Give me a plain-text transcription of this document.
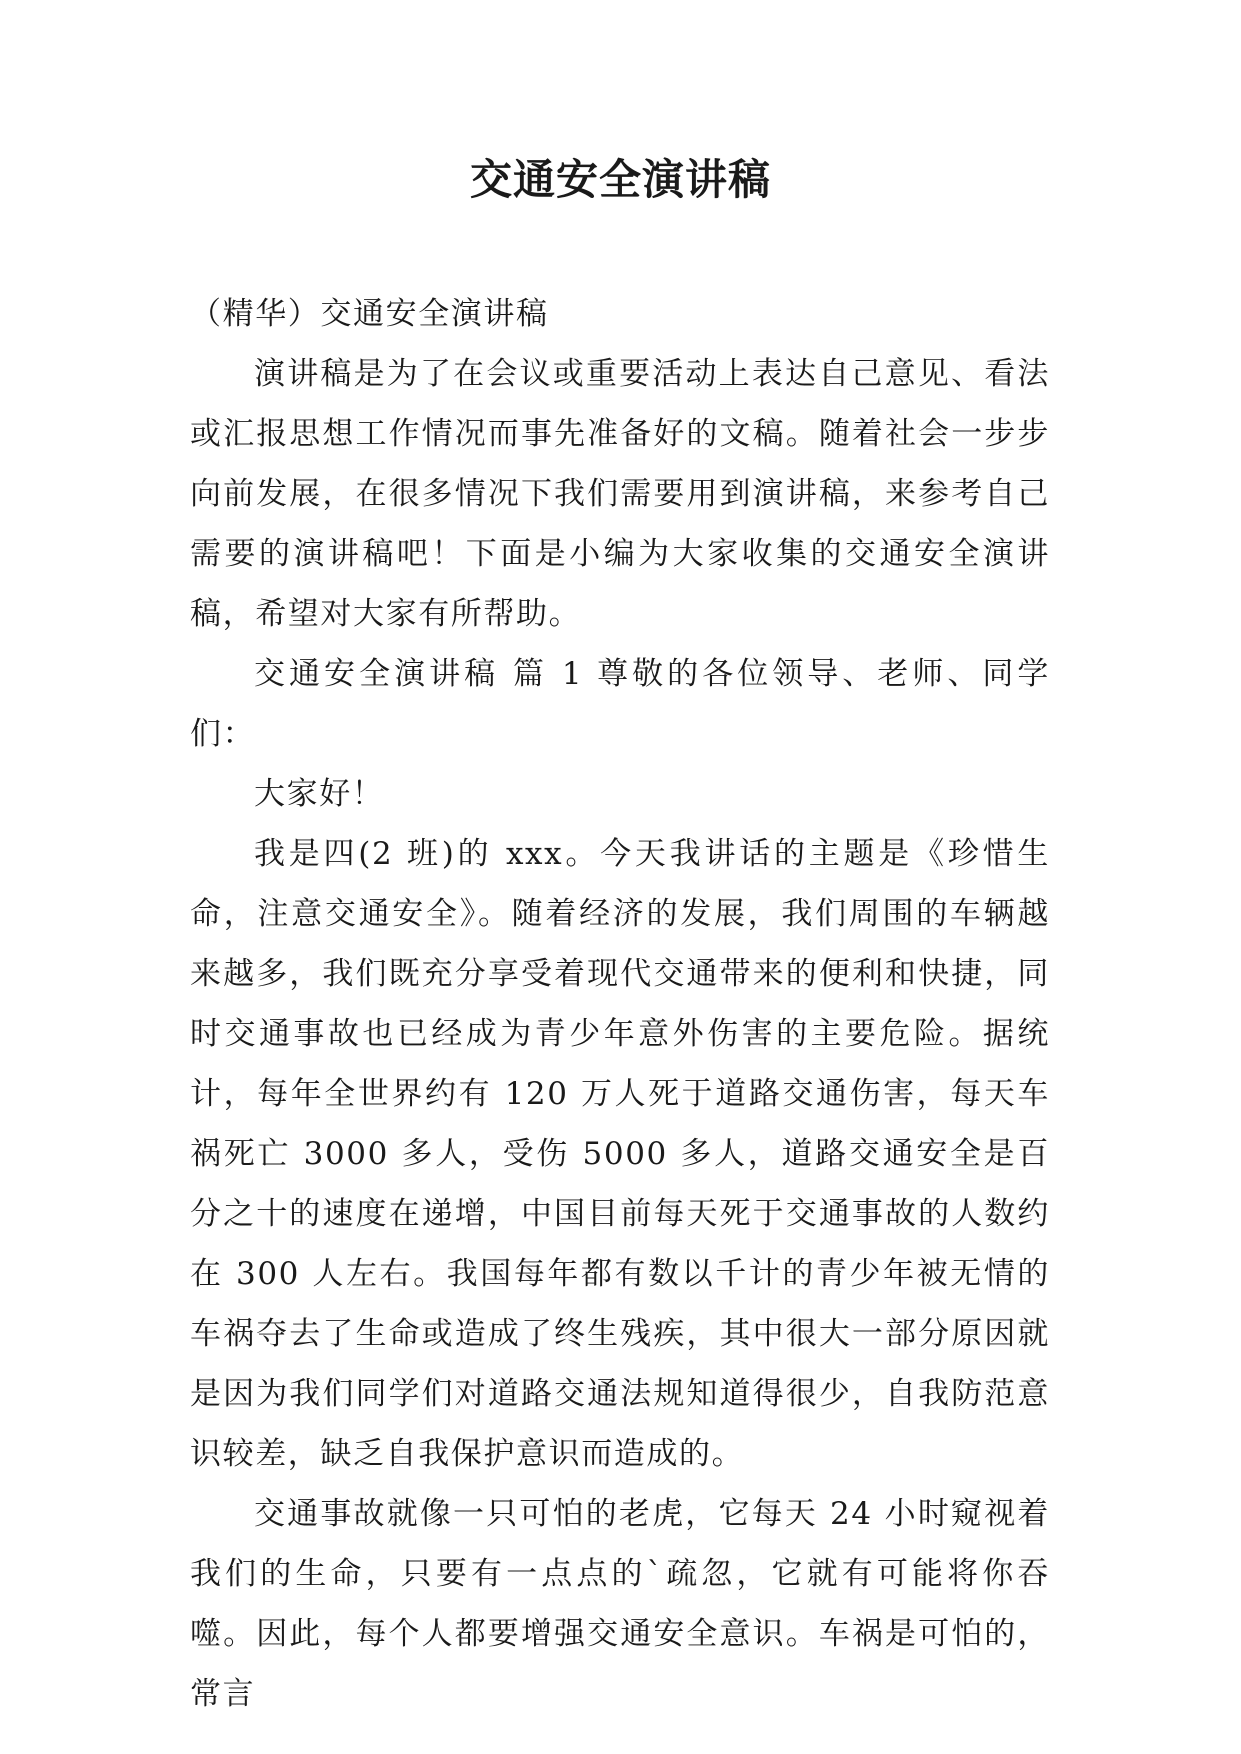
交通安全演讲稿

（精华）交通安全演讲稿

演讲稿是为了在会议或重要活动上表达自己意见、看法或汇报思想工作情况而事先准备好的文稿。随着社会一步步向前发展，在很多情况下我们需要用到演讲稿，来参考自己需要的演讲稿吧！下面是小编为大家收集的交通安全演讲稿，希望对大家有所帮助。

交通安全演讲稿 篇 1 尊敬的各位领导、老师、同学们：

大家好！

我是四(2 班)的 xxx。今天我讲话的主题是《珍惜生命，注意交通安全》。随着经济的发展，我们周围的车辆越来越多，我们既充分享受着现代交通带来的便利和快捷，同时交通事故也已经成为青少年意外伤害的主要危险。据统计，每年全世界约有 120 万人死于道路交通伤害，每天车祸死亡 3000 多人，受伤 5000 多人，道路交通安全是百分之十的速度在递增，中国目前每天死于交通事故的人数约在 300 人左右。我国每年都有数以千计的青少年被无情的车祸夺去了生命或造成了终生残疾，其中很大一部分原因就是因为我们同学们对道路交通法规知道得很少，自我防范意识较差，缺乏自我保护意识而造成的。

交通事故就像一只可怕的老虎，它每天 24 小时窥视着我们的生命，只要有一点点的`疏忽，它就有可能将你吞噬。因此，每个人都要增强交通安全意识。车祸是可怕的，常言
